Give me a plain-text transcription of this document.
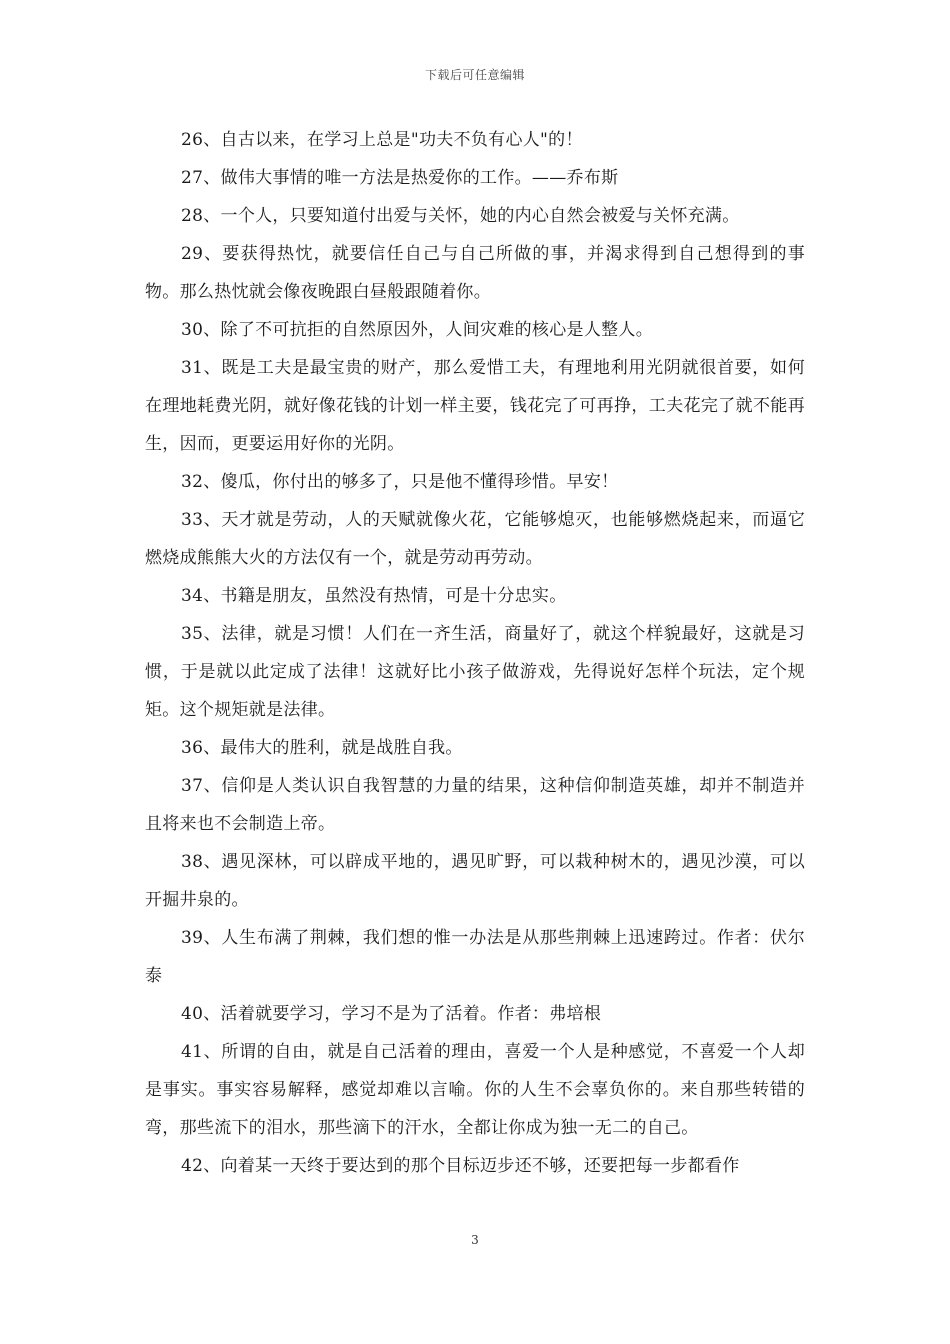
下载后可任意编辑

26、自古以来，在学习上总是"功夫不负有心人"的！

27、做伟大事情的唯一方法是热爱你的工作。——乔布斯

28、一个人，只要知道付出爱与关怀，她的内心自然会被爱与关怀充满。

29、要获得热忱，就要信任自己与自己所做的事，并渴求得到自己想得到的事物。那么热忱就会像夜晚跟白昼般跟随着你。

30、除了不可抗拒的自然原因外，人间灾难的核心是人整人。

31、既是工夫是最宝贵的财产，那么爱惜工夫，有理地利用光阴就很首要，如何在理地耗费光阴，就好像花钱的计划一样主要，钱花完了可再挣，工夫花完了就不能再生，因而，更要运用好你的光阴。

32、傻瓜，你付出的够多了，只是他不懂得珍惜。早安！

33、天才就是劳动，人的天赋就像火花，它能够熄灭，也能够燃烧起来，而逼它燃烧成熊熊大火的方法仅有一个，就是劳动再劳动。

34、书籍是朋友，虽然没有热情，可是十分忠实。

35、法律，就是习惯！人们在一齐生活，商量好了，就这个样貌最好，这就是习惯，于是就以此定成了法律！这就好比小孩子做游戏，先得说好怎样个玩法，定个规矩。这个规矩就是法律。

36、最伟大的胜利，就是战胜自我。

37、信仰是人类认识自我智慧的力量的结果，这种信仰制造英雄，却并不制造并且将来也不会制造上帝。

38、遇见深林，可以辟成平地的，遇见旷野，可以栽种树木的，遇见沙漠，可以开掘井泉的。

39、人生布满了荆棘，我们想的惟一办法是从那些荆棘上迅速跨过。作者：伏尔泰

40、活着就要学习，学习不是为了活着。作者：弗培根

41、所谓的自由，就是自己活着的理由，喜爱一个人是种感觉，不喜爱一个人却是事实。事实容易解释，感觉却难以言喻。你的人生不会辜负你的。来自那些转错的弯，那些流下的泪水，那些滴下的汗水，全都让你成为独一无二的自己。

42、向着某一天终于要达到的那个目标迈步还不够，还要把每一步都看作

3
